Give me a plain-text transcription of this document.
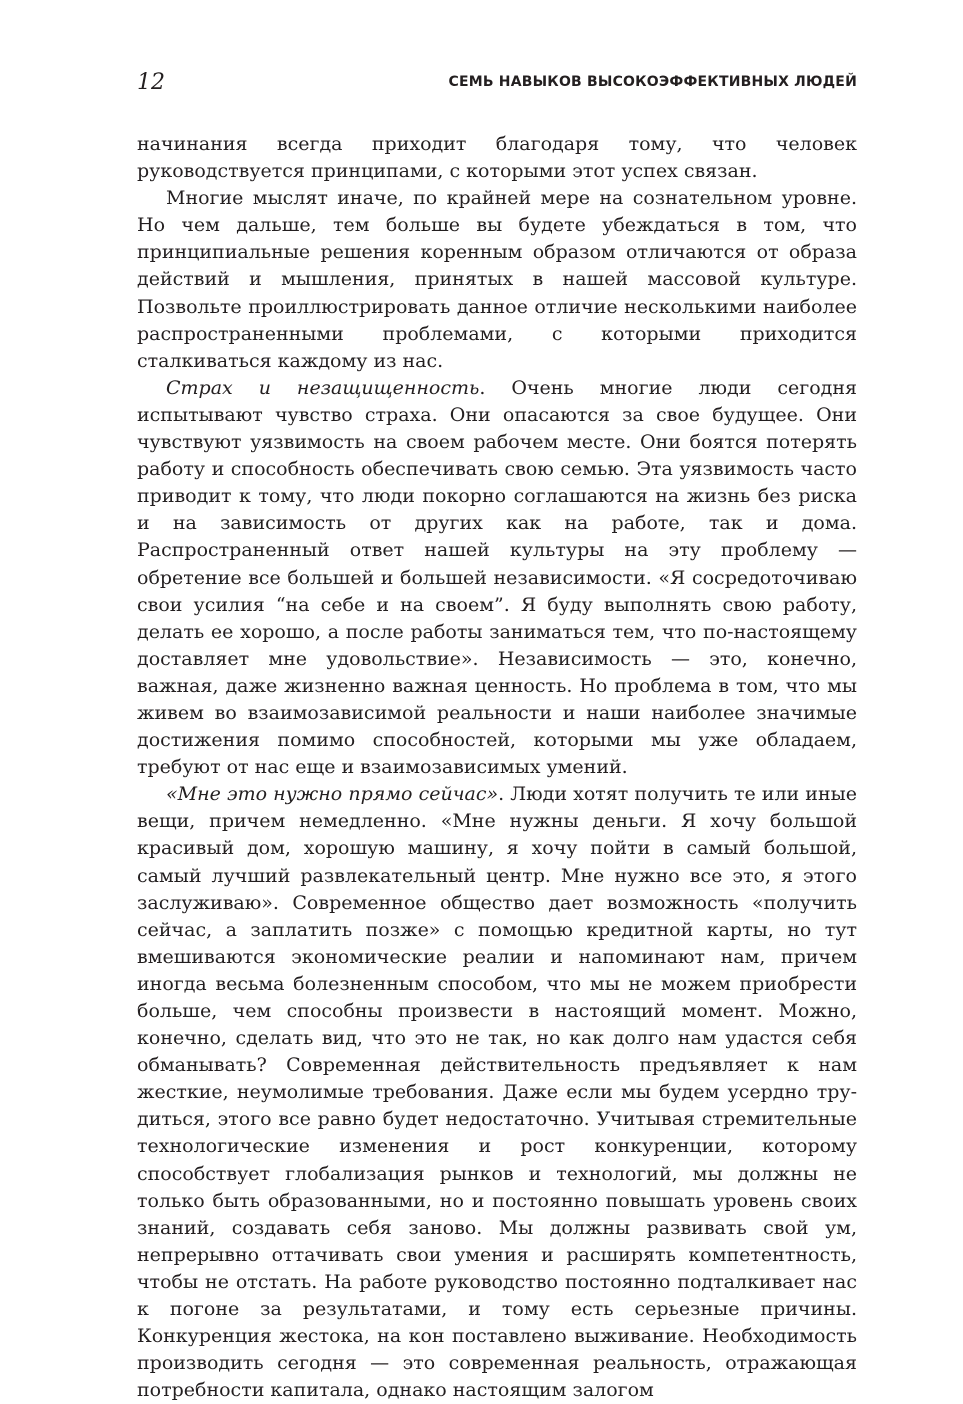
12	СЕМЬ НАВЫКОВ ВЫСОКОЭФФЕКТИВНЫХ ЛЮДЕЙ

начинания всегда приходит благодаря тому, что человек руководствуется принципами, с которыми этот успех связан.

Многие мыслят иначе, по крайней мере на сознательном уровне. Но чем дальше, тем больше вы будете убеждаться в том, что принципиальные решения коренным образом отличаются от образа действий и мышления, принятых в нашей массовой культуре. Позвольте проиллюстрировать данное отличие несколькими наиболее распространенными проблемами, с которыми приходится сталкиваться каждому из нас.

Страх и незащищенность. Очень многие люди сегодня испытывают чувство страха. Они опасаются за свое будущее. Они чувствуют уязвимость на своем рабочем месте. Они боятся потерять работу и способность обеспечивать свою семью. Эта уязвимость часто приводит к тому, что люди покорно соглашаются на жизнь без риска и на зависимость от других как на работе, так и дома. Распространенный ответ нашей культуры на эту проблему — обретение все большей и большей независимости. «Я сосредоточиваю свои усилия “на себе и на своем”. Я буду выполнять свою работу, делать ее хорошо, а после работы заниматься тем, что по-настоящему доставляет мне удовольствие». Независимость — это, конечно, важная, даже жизненно важная ценность. Но проблема в том, что мы живем во взаимозависимой реальности и наши наиболее значимые достижения помимо способностей, которыми мы уже обладаем, требуют от нас еще и взаимозависимых умений.

«Мне это нужно прямо сейчас». Люди хотят получить те или иные вещи, причем немедленно. «Мне нужны деньги. Я хочу большой красивый дом, хорошую машину, я хочу пойти в самый большой, самый лучший развлекательный центр. Мне нужно все это, я этого заслуживаю». Современное общество дает возможность «получить сейчас, а заплатить позже» с помощью кредитной карты, но тут вмешиваются экономические реалии и напоминают нам, причем иногда весьма болезненным способом, что мы не можем приобрести больше, чем способны произвести в настоящий момент. Можно, конечно, сделать вид, что это не так, но как долго нам удастся себя обманывать? Современная действительность предъявляет к нам жесткие, неумолимые требования. Даже если мы будем усердно трудиться, этого все равно будет недостаточно. Учитывая стремительные технологические изменения и рост конкуренции, которому способствует глобализация рынков и технологий, мы должны не только быть образованными, но и постоянно повышать уровень своих знаний, создавать себя заново. Мы должны развивать свой ум, непрерывно оттачивать свои умения и расширять компетентность, чтобы не отстать. На работе руководство постоянно подталкивает нас к погоне за результатами, и тому есть серьезные причины. Конкуренция жестока, на кон поставлено выживание. Необходимость производить сегодня — это современная реальность, отражающая потребности капитала, однако настоящим залогом
